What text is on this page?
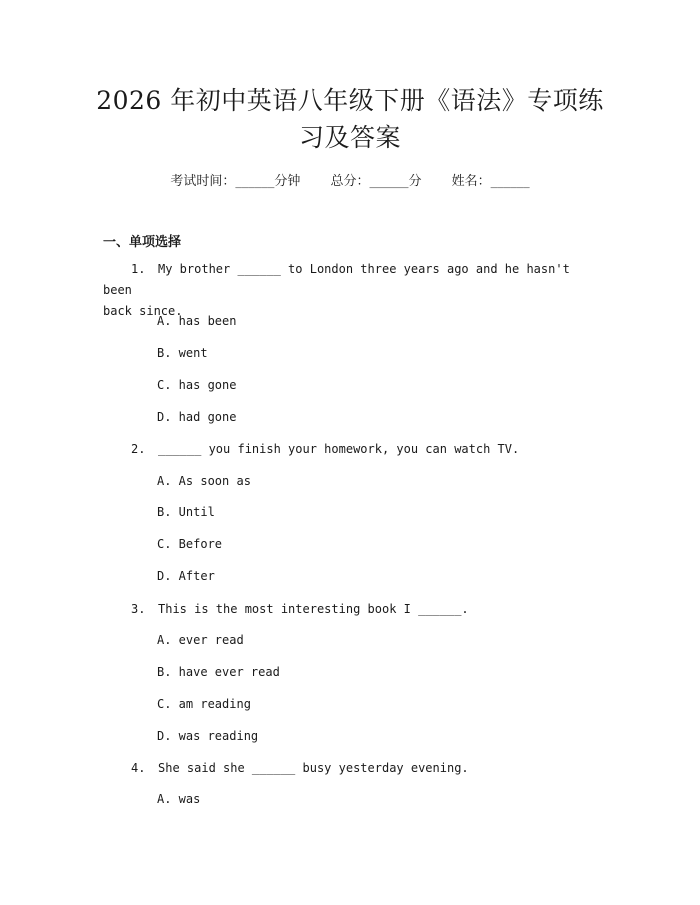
2026 年初中英语八年级下册《语法》专项练
习及答案
考试时间：______分钟 总分：______分 姓名：______
一、单项选择
1. My brother ______ to London three years ago and he hasn't been
back since.
A. has been
B. went
C. has gone
D. had gone
2. ______ you finish your homework, you can watch TV.
A. As soon as
B. Until
C. Before
D. After
3. This is the most interesting book I ______.
A. ever read
B. have ever read
C. am reading
D. was reading
4. She said she ______ busy yesterday evening.
A. was
